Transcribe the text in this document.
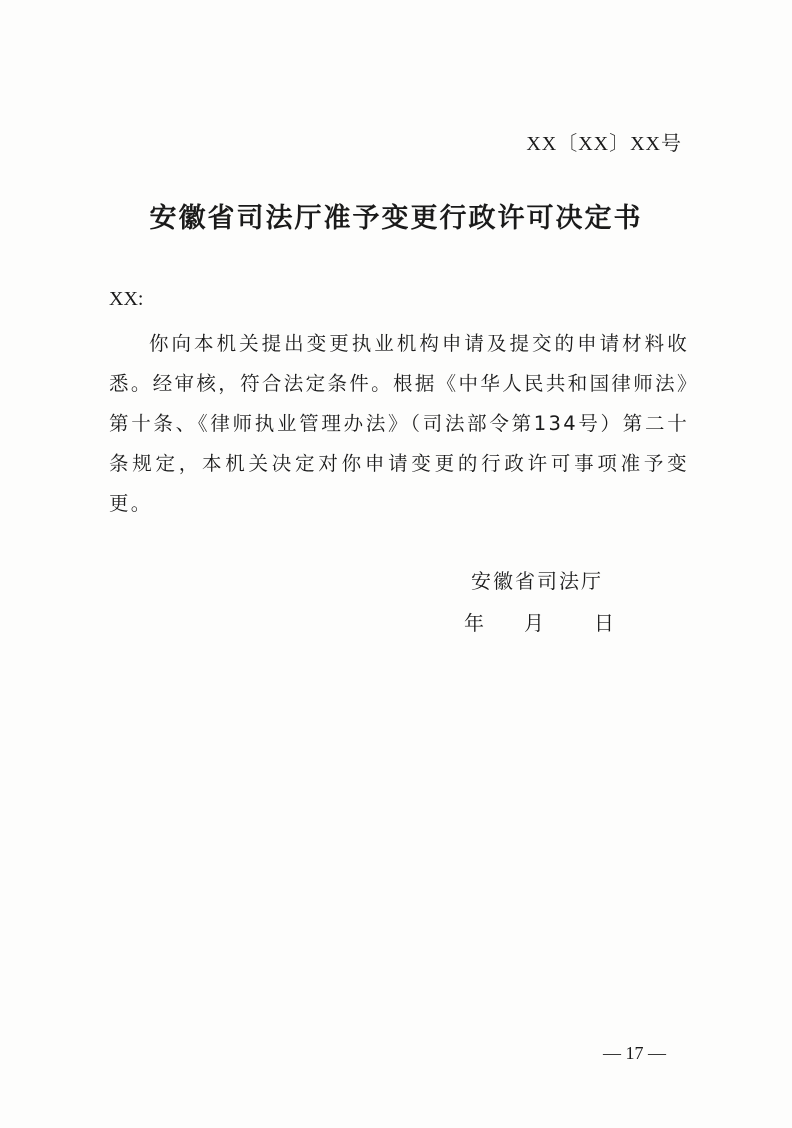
XX〔XX〕XX号
安徽省司法厅准予变更行政许可决定书
XX:

你向本机关提出变更执业机构申请及提交的申请材料收悉。经审核，符合法定条件。根据《中华人民共和国律师法》第十条、《律师执业管理办法》（司法部令第134号）第二十条规定，本机关决定对你申请变更的行政许可事项准予变更。

安徽省司法厅
年	月	日
— 17 —
